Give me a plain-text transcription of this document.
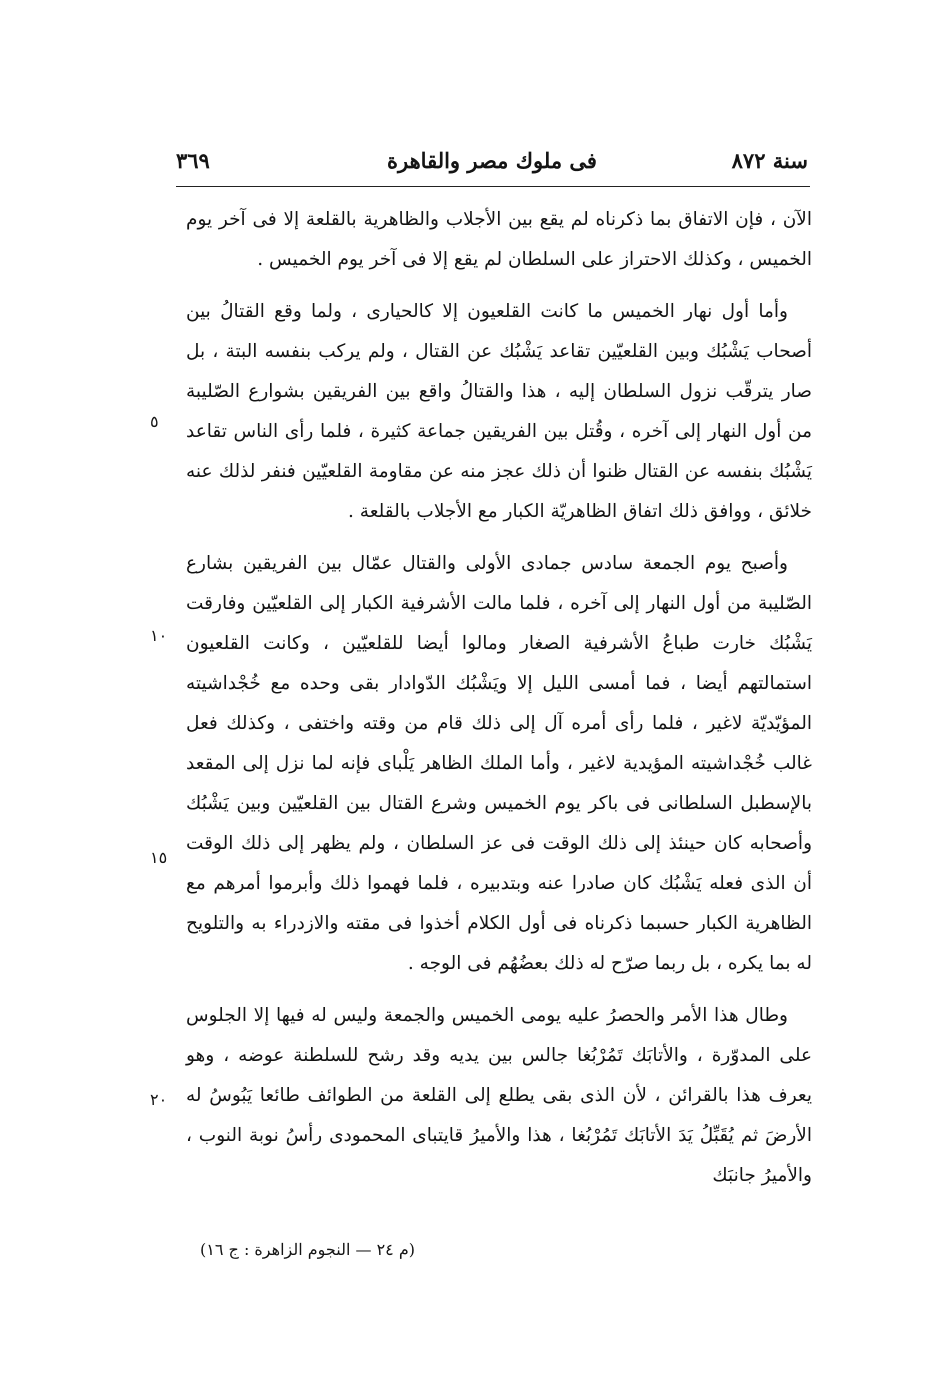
٣٦٩	فى ملوك مصر والقاهرة	سنة ٨٧٢

الآن ، فإن الاتفاق بما ذكرناه لم يقع بين الأجلاب والظاهرية بالقلعة إلا فى آخر يوم الخميس ، وكذلك الاحتراز على السلطان لم يقع إلا فى آخر يوم الخميس .

وأما أول نهار الخميس ما كانت القلعيون إلا كالحيارى ، ولما وقع القتالُ بين أصحاب يَشْبُك وبين القلعيّين تقاعد يَشْبُك عن القتال ، ولم يركب بنفسه البتة ، بل صار يترقّب نزول السلطان إليه ، هذا والقتالُ واقع بين الفريقين بشوارع الصّليبة من أول النهار إلى آخره ، وقُتل بين الفريقين جماعة كثيرة ، فلما رأى الناس تقاعد يَشْبُك بنفسه عن القتال ظنوا أن ذلك عجز منه عن مقاومة القلعيّين فنفر لذلك عنه خلائق ، ووافق ذلك اتفاق الظاهريّة الكبار مع الأجلاب بالقلعة .

وأصبح يوم الجمعة سادس جمادى الأولى والقتال عمّال بين الفريقين بشارع الصّليبة من أول النهار إلى آخره ، فلما مالت الأشرفية الكبار إلى القلعيّين وفارقت يَشْبُك خارت طباعُ الأشرفية الصغار ومالوا أيضا للقلعيّين ، وكانت القلعيون استمالتهم أيضا ، فما أمسى الليل إلا ويَشْبُك الدّوادار بقى وحده مع خُجْداشيته المؤيّديّة لاغير ، فلما رأى أمره آل إلى ذلك قام من وقته واختفى ، وكذلك فعل غالب خُجْداشيته المؤيدية لاغير ، وأما الملك الظاهر يَلْباى فإنه لما نزل إلى المقعد بالإسطبل السلطانى فى باكر يوم الخميس وشرع القتال بين القلعيّين وبين يَشْبُك وأصحابه كان حينئذ إلى ذلك الوقت فى عز السلطان ، ولم يظهر إلى ذلك الوقت أن الذى فعله يَشْبُك كان صادرا عنه وبتدبيره ، فلما فهموا ذلك وأبرموا أمرهم مع الظاهرية الكبار حسبما ذكرناه فى أول الكلام أخذوا فى مقته والازدراء به والتلويح له بما يكره ، بل ربما صرّح له ذلك بعضُهُم فى الوجه .

وطال هذا الأمر والحصرُ عليه يومى الخميس والجمعة وليس له فيها إلا الجلوس على المدوّرة ، والأتابَك تَمُرْبُغا جالس بين يديه وقد رشح للسلطنة عوضه ، وهو يعرف هذا بالقرائن ، لأن الذى بقى يطلع إلى القلعة من الطوائف طائعا يَبُوسُ له الأرضَ ثم يُقَبِّلُ يَدَ الأتابَك تَمُرْبُغا ، هذا والأميرُ قايتباى المحمودى رأسُ نوبة النوب ، والأميرُ جانبَك

٥
١٠
١٥
٢٠
(م ٢٤ — النجوم الزاهرة : ج ١٦)
